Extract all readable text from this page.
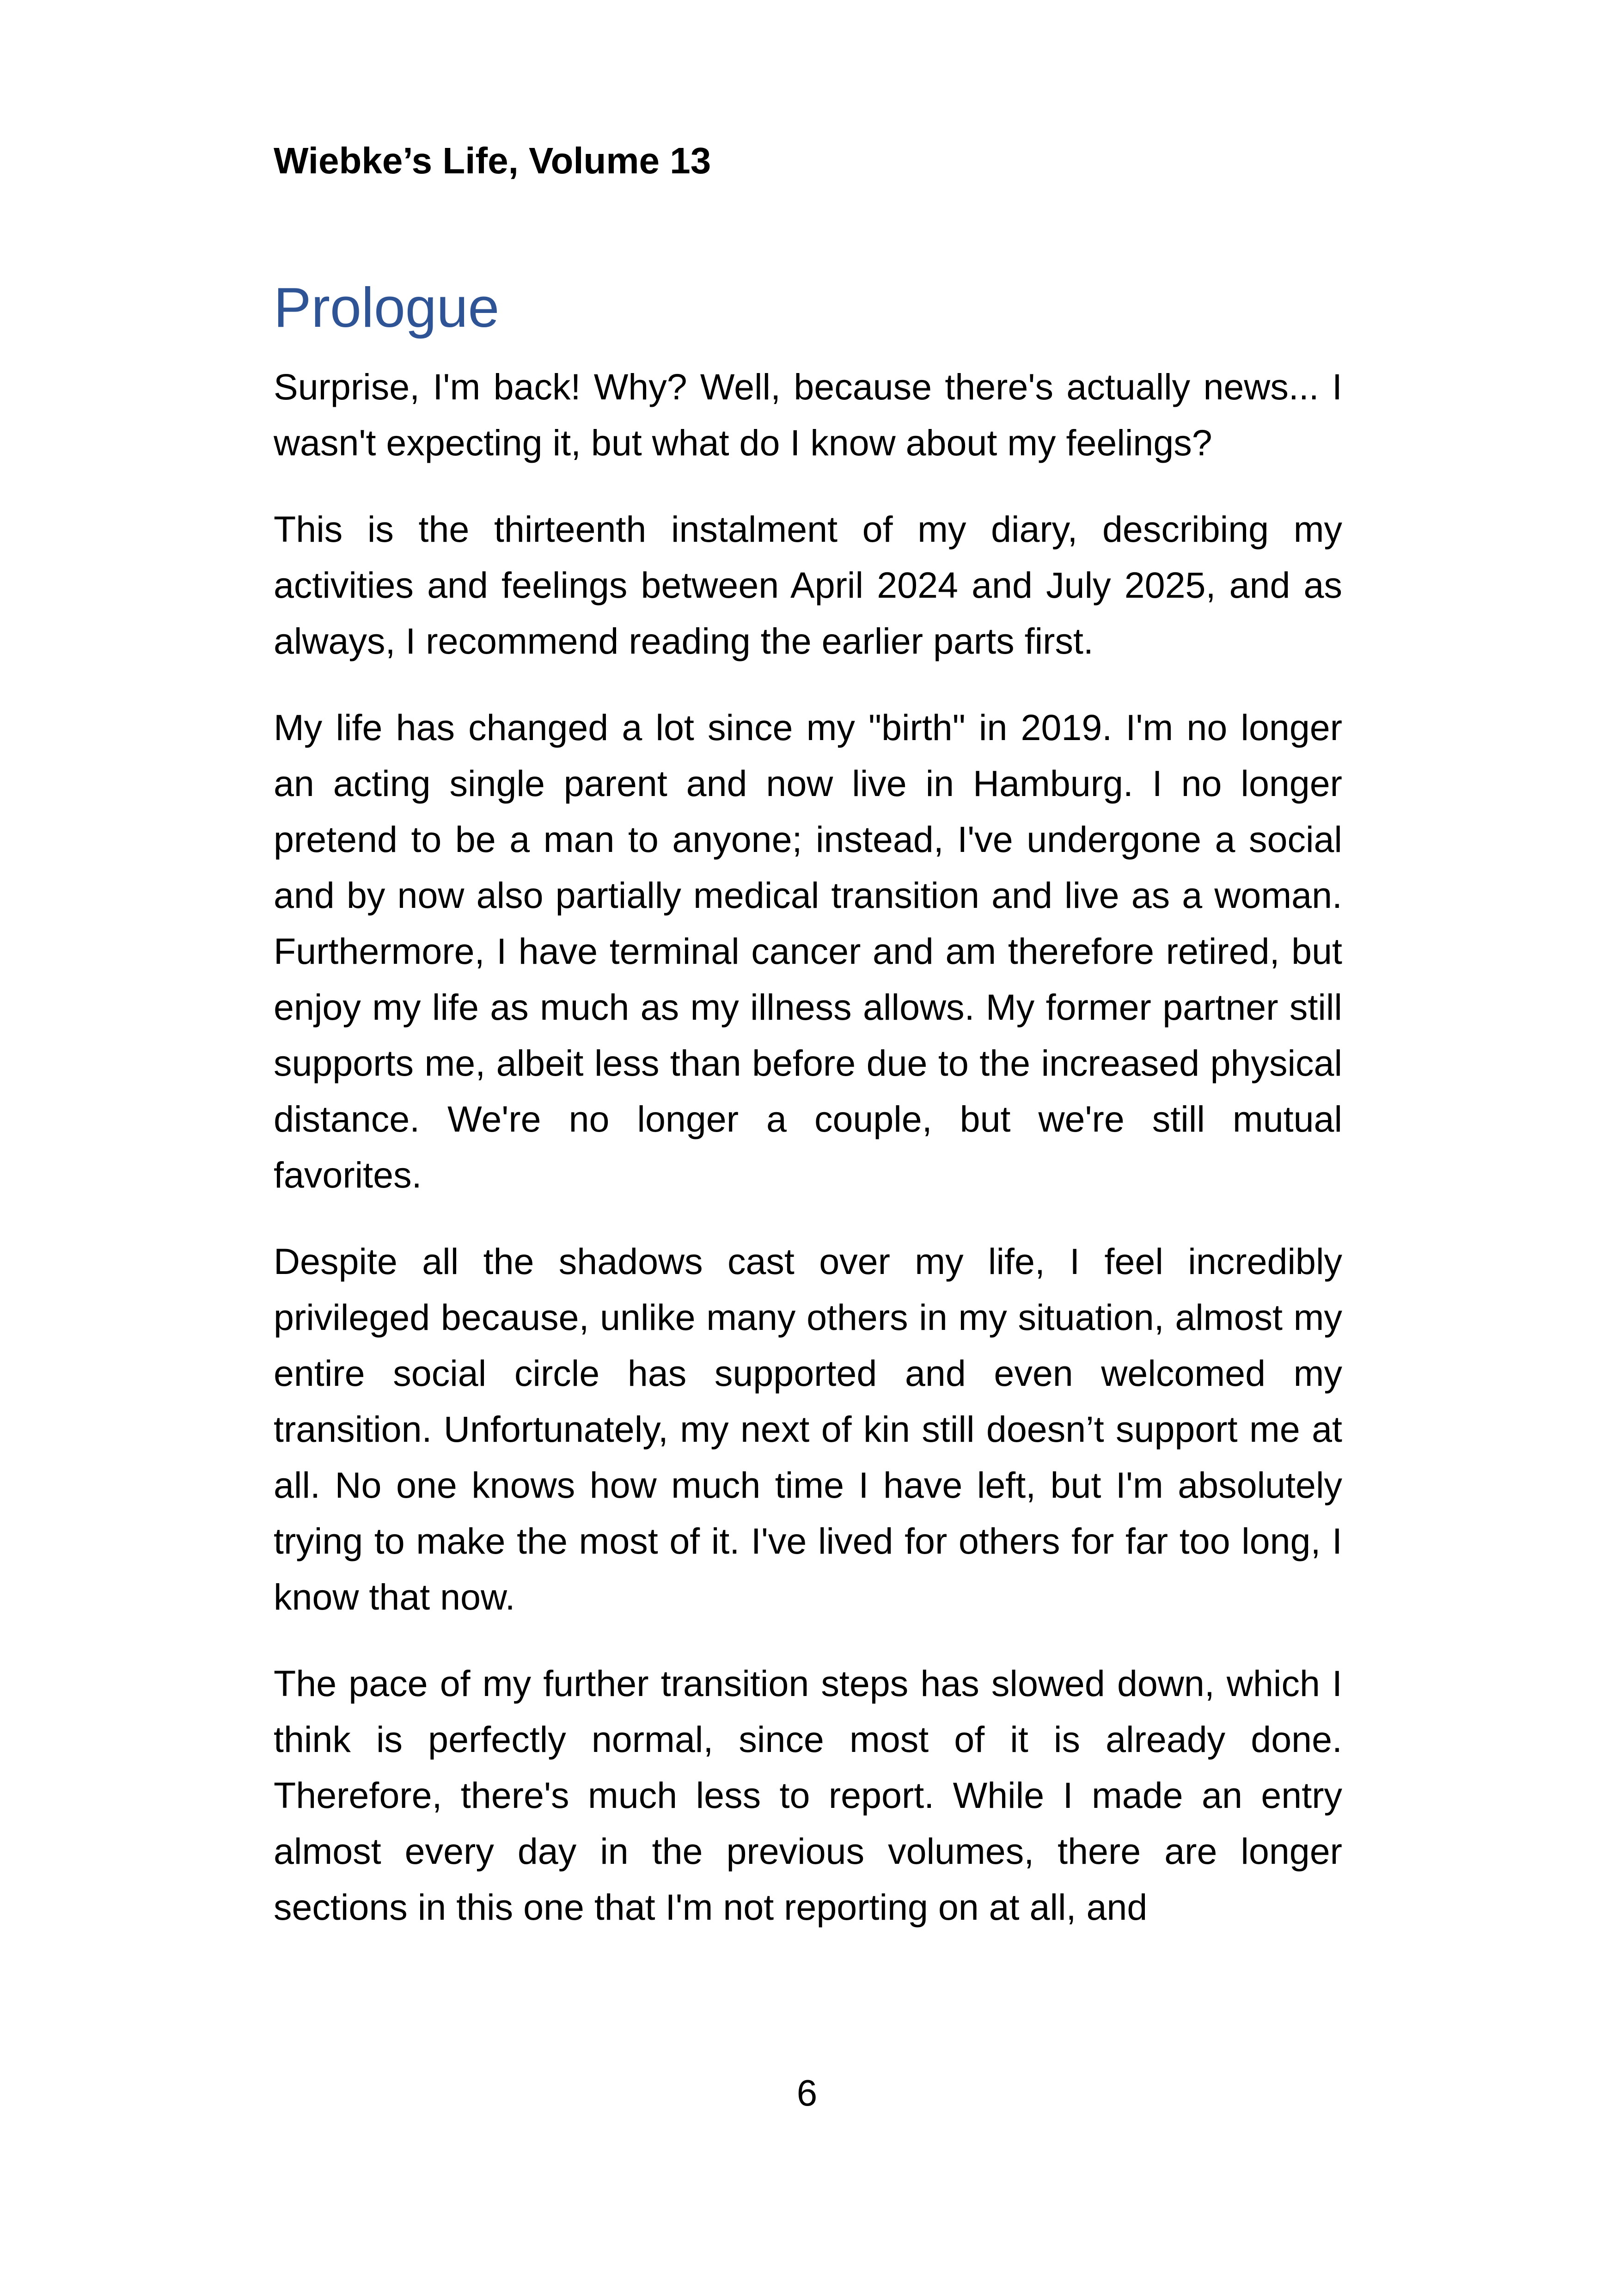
Wiebke’s Life, Volume 13
Prologue

Surprise, I'm back! Why? Well, because there's actually news... I wasn't expecting it, but what do I know about my feelings?

This is the thirteenth instalment of my diary, describing my activities and feelings between April 2024 and July 2025, and as always, I recommend reading the earlier parts first.

My life has changed a lot since my "birth" in 2019. I'm no longer an acting single parent and now live in Hamburg. I no longer pretend to be a man to anyone; instead, I've undergone a social and by now also partially medical transition and live as a woman. Furthermore, I have terminal cancer and am therefore retired, but enjoy my life as much as my illness allows. My former partner still supports me, albeit less than before due to the increased physical distance. We're no longer a couple, but we're still mutual favorites.

Despite all the shadows cast over my life, I feel incredibly privileged because, unlike many others in my situation, almost my entire social circle has supported and even welcomed my transition. Unfortunately, my next of kin still doesn’t support me at all. No one knows how much time I have left, but I'm absolutely trying to make the most of it. I've lived for others for far too long, I know that now.

The pace of my further transition steps has slowed down, which I think is perfectly normal, since most of it is already done. Therefore, there's much less to report. While I made an entry almost every day in the previous volumes, there are longer sections in this one that I'm not reporting on at all, and

6
